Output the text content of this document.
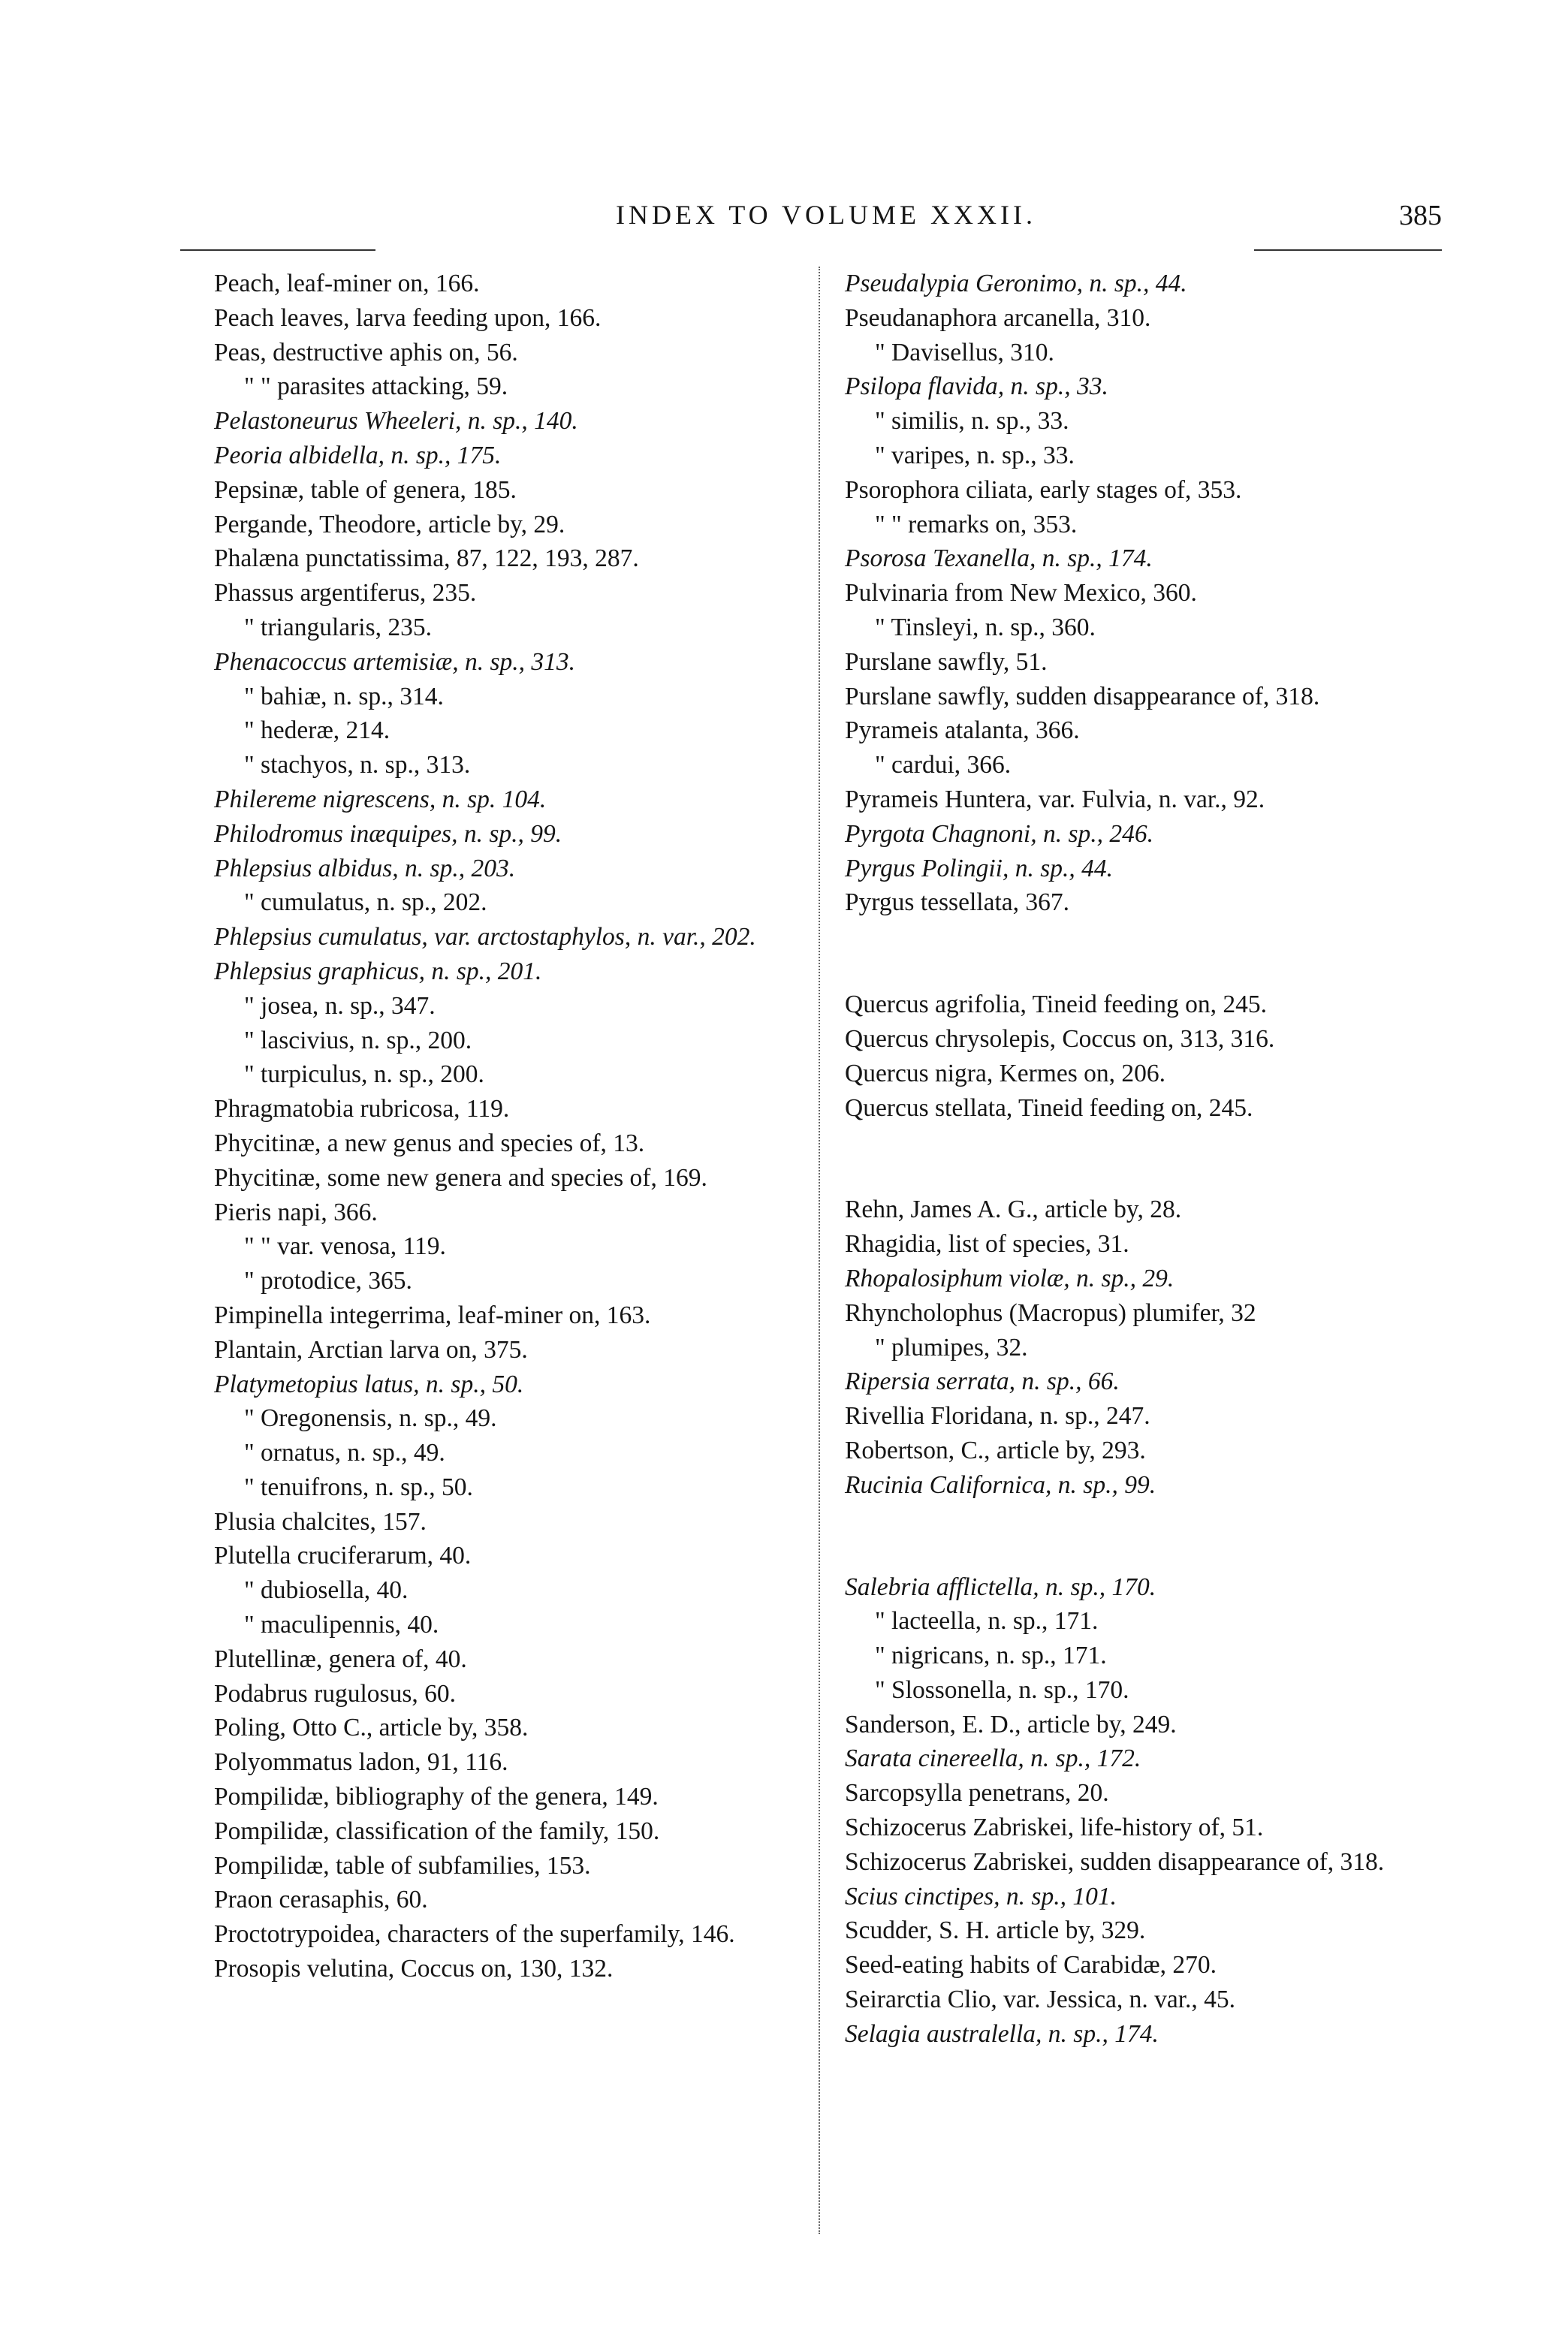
INDEX TO VOLUME XXXII.	385
Peach, leaf-miner on, 166.
Peach leaves, larva feeding upon, 166.
Peas, destructive aphis on, 56.
" " parasites attacking, 59.
Pelastoneurus Wheeleri, n. sp., 140.
Peoria albidella, n. sp., 175.
Pepsinæ, table of genera, 185.
Pergande, Theodore, article by, 29.
Phalæna punctatissima, 87, 122, 193, 287.
Phassus argentiferus, 235.
" triangularis, 235.
Phenacoccus artemisiæ, n. sp., 313.
" bahiæ, n. sp., 314.
" hederæ, 214.
" stachyos, n. sp., 313.
Philereme nigrescens, n. sp. 104.
Philodromus inæquipes, n. sp., 99.
Phlepsius albidus, n. sp., 203.
" cumulatus, n. sp., 202.
Phlepsius cumulatus, var. arctostaphylos, n. var., 202.
Phlepsius graphicus, n. sp., 201.
" josea, n. sp., 347.
" lascivius, n. sp., 200.
" turpiculus, n. sp., 200.
Phragmatobia rubricosa, 119.
Phycitinæ, a new genus and species of, 13.
Phycitinæ, some new genera and species of, 169.
Pieris napi, 366.
" " var. venosa, 119.
" protodice, 365.
Pimpinella integerrima, leaf-miner on, 163.
Plantain, Arctian larva on, 375.
Platymetopius latus, n. sp., 50.
" Oregonensis, n. sp., 49.
" ornatus, n. sp., 49.
" tenuifrons, n. sp., 50.
Plusia chalcites, 157.
Plutella cruciferarum, 40.
" dubiosella, 40.
" maculipennis, 40.
Plutellinæ, genera of, 40.
Podabrus rugulosus, 60.
Poling, Otto C., article by, 358.
Polyommatus ladon, 91, 116.
Pompilidæ, bibliography of the genera, 149.
Pompilidæ, classification of the family, 150.
Pompilidæ, table of subfamilies, 153.
Praon cerasaphis, 60.
Proctotrypoidea, characters of the superfamily, 146.
Prosopis velutina, Coccus on, 130, 132.
Pseudalypia Geronimo, n. sp., 44.
Pseudanaphora arcanella, 310.
" Davisellus, 310.
Psilopa flavida, n. sp., 33.
" similis, n. sp., 33.
" varipes, n. sp., 33.
Psorophora ciliata, early stages of, 353.
" " remarks on, 353.
Psorosa Texanella, n. sp., 174.
Pulvinaria from New Mexico, 360.
" Tinsleyi, n. sp., 360.
Purslane sawfly, 51.
Purslane sawfly, sudden disappearance of, 318.
Pyrameis atalanta, 366.
" cardui, 366.
Pyrameis Huntera, var. Fulvia, n. var., 92.
Pyrgota Chagnoni, n. sp., 246.
Pyrgus Polingii, n. sp., 44.
Pyrgus tessellata, 367.
Quercus agrifolia, Tineid feeding on, 245.
Quercus chrysolepis, Coccus on, 313, 316.
Quercus nigra, Kermes on, 206.
Quercus stellata, Tineid feeding on, 245.
Rehn, James A. G., article by, 28.
Rhagidia, list of species, 31.
Rhopalosiphum violæ, n. sp., 29.
Rhyncholophus (Macropus) plumifer, 32
" plumipes, 32.
Ripersia serrata, n. sp., 66.
Rivellia Floridana, n. sp., 247.
Robertson, C., article by, 293.
Rucinia Californica, n. sp., 99.
Salebria afflictella, n. sp., 170.
" lacteella, n. sp., 171.
" nigricans, n. sp., 171.
" Slossonella, n. sp., 170.
Sanderson, E. D., article by, 249.
Sarata cinereella, n. sp., 172.
Sarcopsylla penetrans, 20.
Schizocerus Zabriskei, life-history of, 51.
Schizocerus Zabriskei, sudden disappearance of, 318.
Scius cinctipes, n. sp., 101.
Scudder, S. H. article by, 329.
Seed-eating habits of Carabidæ, 270.
Seirarctia Clio, var. Jessica, n. var., 45.
Selagia australella, n. sp., 174.
